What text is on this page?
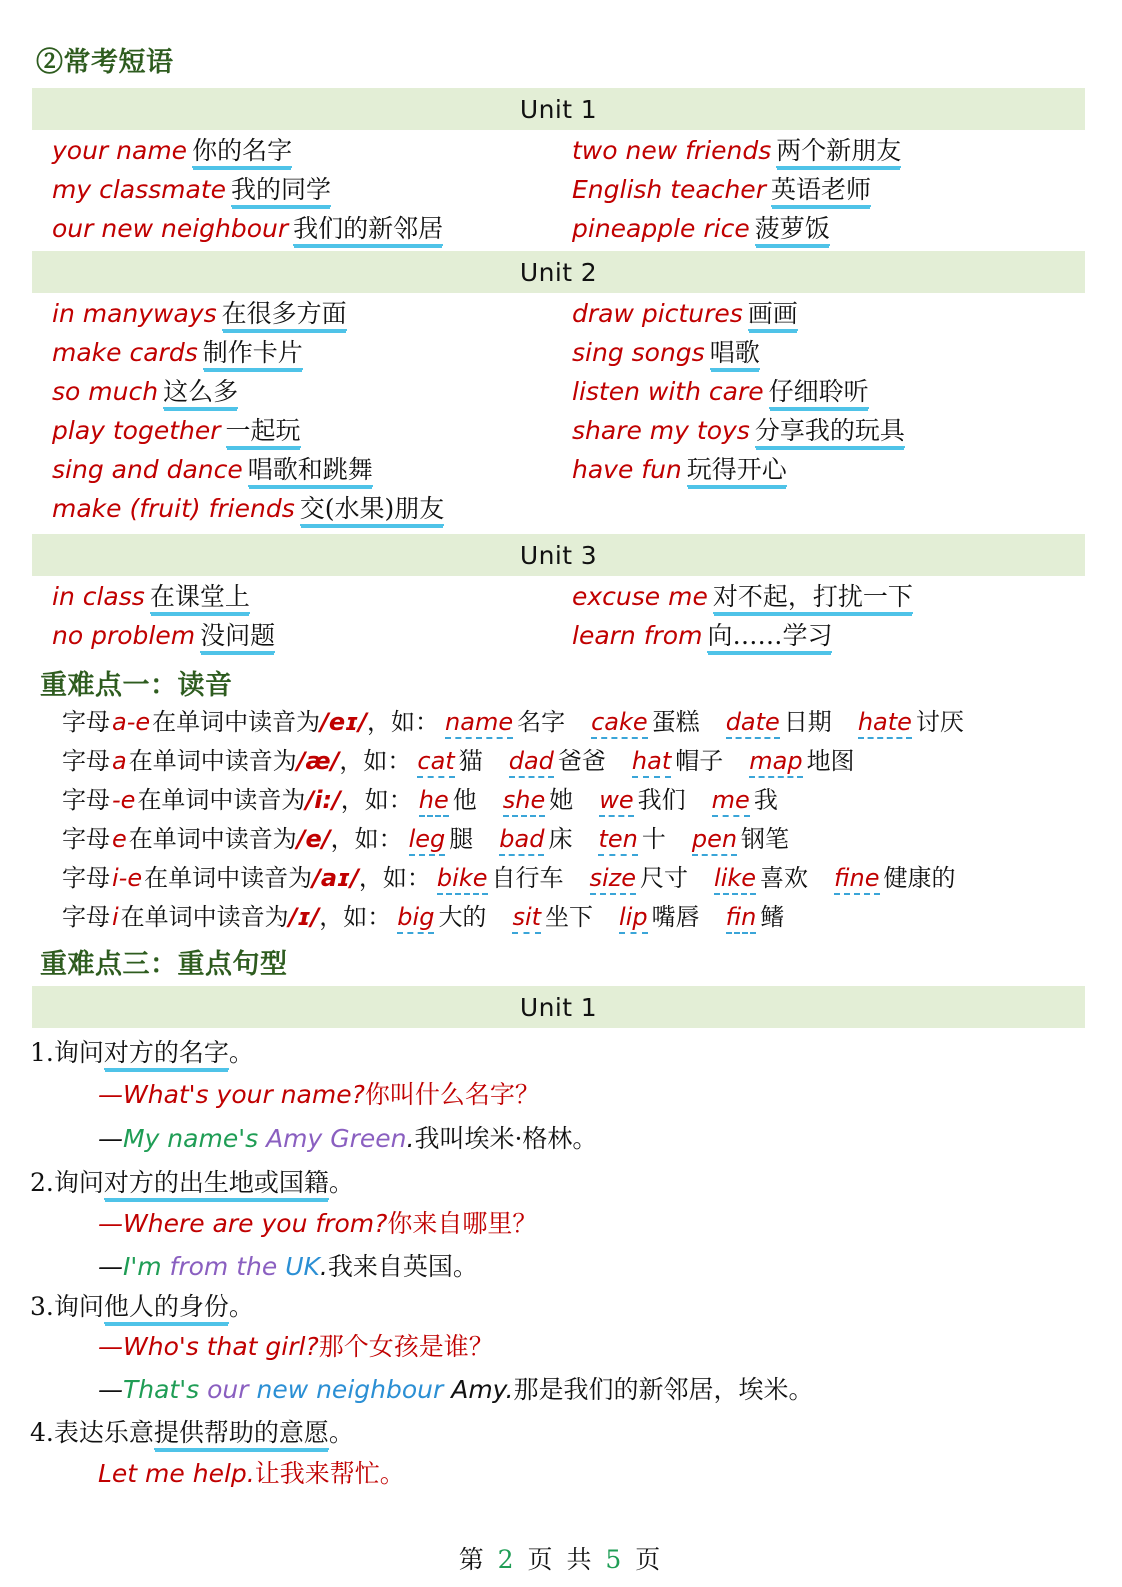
②常考短语
Unit 1
your name 你的名字
my classmate 我的同学
our new neighbour 我们的新邻居
two new friends 两个新朋友
English teacher 英语老师
pineapple rice 菠萝饭
Unit 2
in manyways 在很多方面
make cards 制作卡片
so much 这么多
play together 一起玩
sing and dance 唱歌和跳舞
make (fruit) friends 交(水果)朋友
draw pictures 画画
sing songs 唱歌
listen with care 仔细聆听
share my toys 分享我的玩具
have fun 玩得开心
Unit 3
in class 在课堂上
no problem 没问题
excuse me 对不起，打扰一下
learn from 向……学习
重难点一：读音
字母a-e在单词中读音为/eɪ/，如： name 名字 cake 蛋糕 date 日期 hate 讨厌
字母a在单词中读音为/æ/，如： cat 猫 dad 爸爸 hat 帽子 map 地图
字母-e在单词中读音为/i:/，如： he 他 she 她 we 我们 me 我
字母e在单词中读音为/e/，如： leg 腿 bad 床 ten 十 pen 钢笔
字母i-e在单词中读音为/aɪ/，如： bike 自行车 size 尺寸 like 喜欢 fine 健康的
字母i在单词中读音为/ɪ/，如： big 大的 sit 坐下 lip 嘴唇 fin 鳍
重难点三：重点句型
Unit 1
1.询问对方的名字。
—What's your name?你叫什么名字？
—My name's Amy Green.我叫埃米·格林。
2.询问对方的出生地或国籍。
—Where are you from?你来自哪里？
—I'm from the UK.我来自英国。
3.询问他人的身份。
—Who's that girl?那个女孩是谁？
—That's our new neighbour Amy.那是我们的新邻居，埃米。
4.表达乐意提供帮助的意愿。
Let me help.让我来帮忙。
第 2 页 共 5 页
